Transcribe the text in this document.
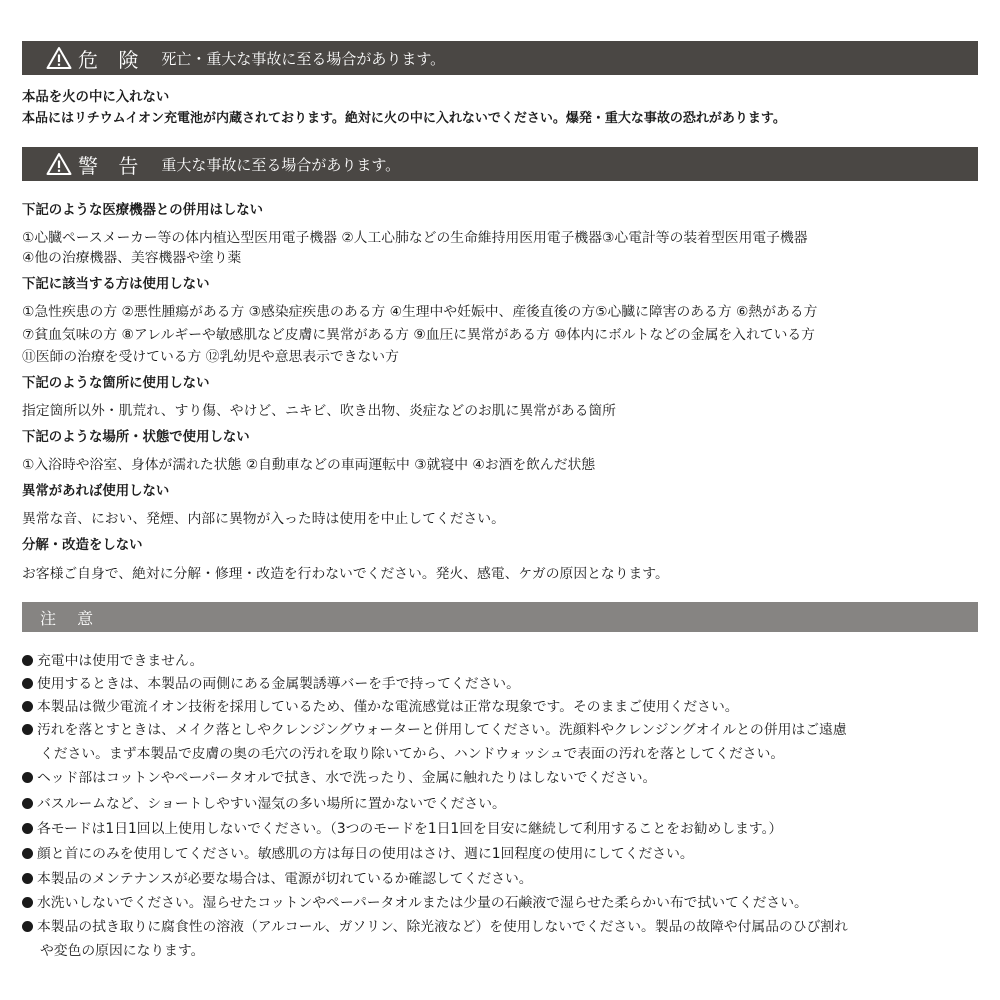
危 険 死亡・重大な事故に至る場合があります。
本品を火の中に入れない
本品にはリチウムイオン充電池が内蔵されております。絶対に火の中に入れないでください。爆発・重大な事故の恐れがあります。
警 告 重大な事故に至る場合があります。
下記のような医療機器との併用はしない
①心臓ペースメーカー等の体内植込型医用電子機器 ②人工心肺などの生命維持用医用電子機器③心電計等の装着型医用電子機器
④他の治療機器、美容機器や塗り薬
下記に該当する方は使用しない
①急性疾患の方 ②悪性腫瘍がある方 ③感染症疾患のある方 ④生理中や妊娠中、産後直後の方⑤心臓に障害のある方 ⑥熱がある方
⑦貧血気味の方 ⑧アレルギーや敏感肌など皮膚に異常がある方 ⑨血圧に異常がある方 ⑩体内にボルトなどの金属を入れている方
⑪医師の治療を受けている方 ⑫乳幼児や意思表示できない方
下記のような箇所に使用しない
指定箇所以外・肌荒れ、すり傷、やけど、ニキビ、吹き出物、炎症などのお肌に異常がある箇所
下記のような場所・状態で使用しない
①入浴時や浴室、身体が濡れた状態 ②自動車などの車両運転中 ③就寝中 ④お酒を飲んだ状態
異常があれば使用しない
異常な音、におい、発煙、内部に異物が入った時は使用を中止してください。
分解・改造をしない
お客様ご自身で、絶対に分解・修理・改造を行わないでください。発火、感電、ケガの原因となります。
注 意
充電中は使用できません。
使用するときは、本製品の両側にある金属製誘導バーを手で持ってください。
本製品は微少電流イオン技術を採用しているため、僅かな電流感覚は正常な現象です。そのままご使用ください。
汚れを落とすときは、メイク落としやクレンジングウォーターと併用してください。洗顔料やクレンジングオイルとの併用はご遠慮
ください。まず本製品で皮膚の奥の毛穴の汚れを取り除いてから、ハンドウォッシュで表面の汚れを落としてください。
ヘッド部はコットンやペーパータオルで拭き、水で洗ったり、金属に触れたりはしないでください。
バスルームなど、ショートしやすい湿気の多い場所に置かないでください。
各モードは1日1回以上使用しないでください。（3つのモードを1日1回を目安に継続して利用することをお勧めします。）
顔と首にのみを使用してください。敏感肌の方は毎日の使用はさけ、週に1回程度の使用にしてください。
本製品のメンテナンスが必要な場合は、電源が切れているか確認してください。
水洗いしないでください。湿らせたコットンやペーパータオルまたは少量の石鹸液で湿らせた柔らかい布で拭いてください。
本製品の拭き取りに腐食性の溶液（アルコール、ガソリン、除光液など）を使用しないでください。製品の故障や付属品のひび割れ
や変色の原因になります。
